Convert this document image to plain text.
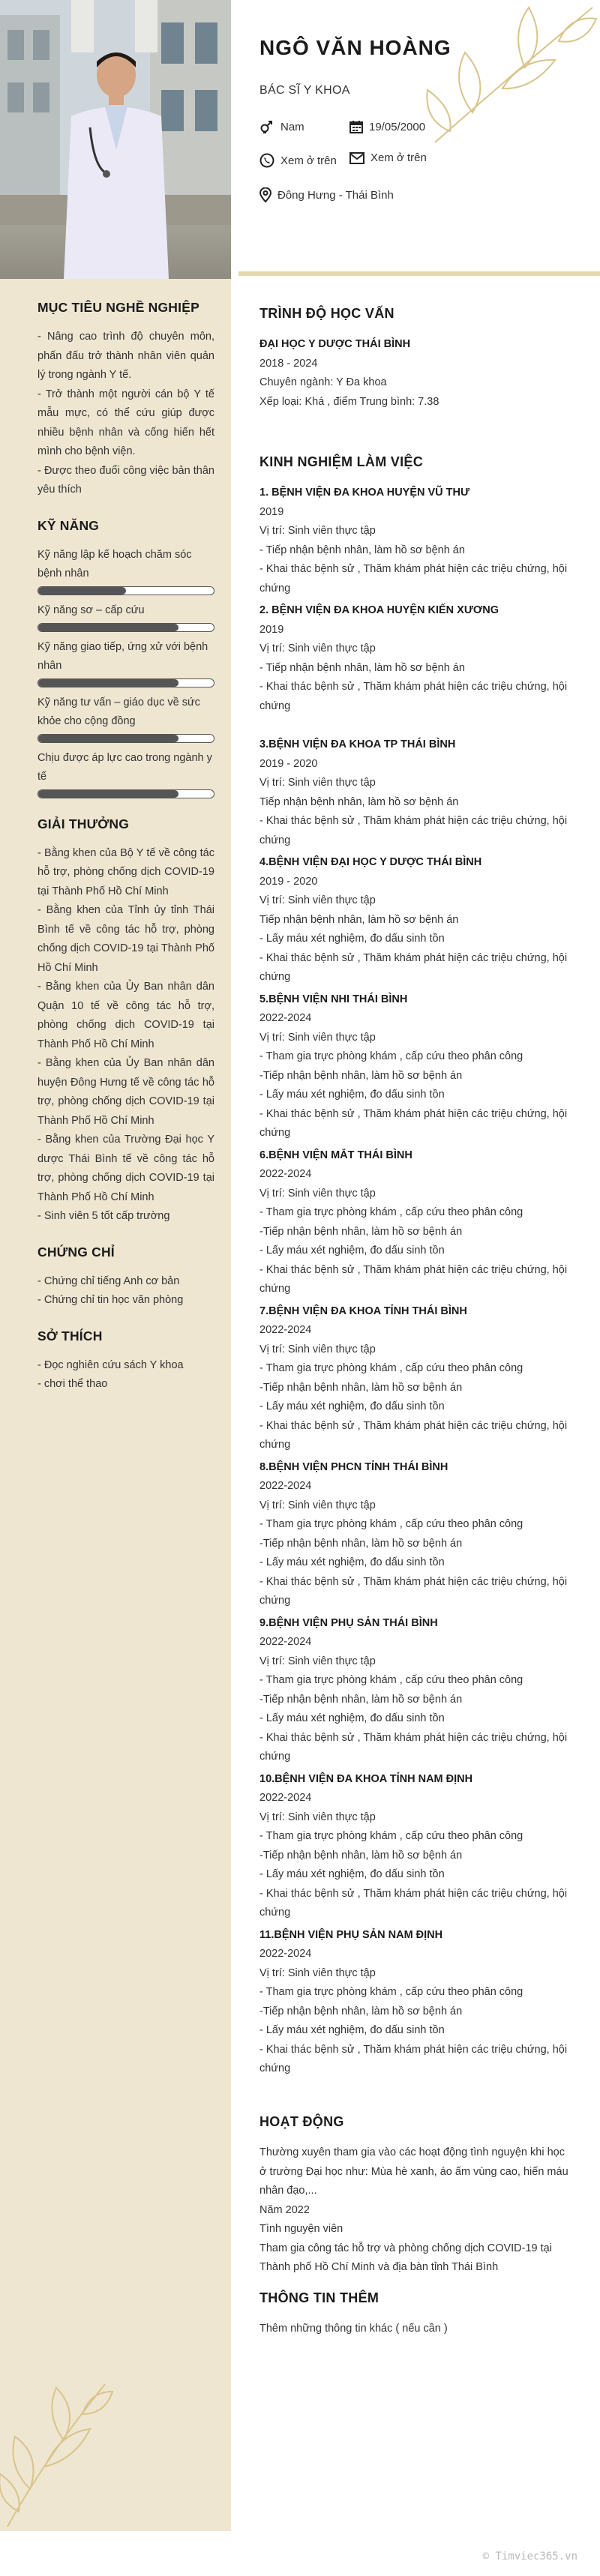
MỤC TIÊU NGHỀ NGHIỆP
- Nâng cao trình độ chuyên môn, phấn đấu trở thành nhân viên quản lý trong ngành Y tế.
- Trở thành một người cán bộ Y tế mẫu mực, có thể cứu giúp được nhiều bệnh nhân và cống hiến hết mình cho bệnh viện.
- Được theo đuổi công việc bản thân yêu thích
KỸ NĂNG
Kỹ năng lập kế hoạch chăm sóc bệnh nhân
Kỹ năng sơ – cấp cứu
Kỹ năng giao tiếp, ứng xử với bệnh nhân
Kỹ năng tư vấn – giáo dục về sức khỏe cho cộng đồng
Chịu được áp lực cao trong ngành y tế
GIẢI THƯỞNG
- Bằng khen của Bộ Y tế về công tác hỗ trợ, phòng chống dịch COVID-19 tại Thành Phố Hồ Chí Minh
- Bằng khen của Tỉnh ủy tỉnh Thái Bình tế về công tác hỗ trợ, phòng chống dịch COVID-19 tại Thành Phố Hồ Chí Minh
- Bằng khen của Ủy Ban nhân dân Quận 10 tế về công tác hỗ trợ, phòng chống dịch COVID-19 tại Thành Phố Hồ Chí Minh
- Bằng khen của Ủy Ban nhân dân huyện Đông Hưng tế về công tác hỗ trợ, phòng chống dịch COVID-19 tại Thành Phố Hồ Chí Minh
- Bằng khen của Trường Đại học Y dược Thái Bình tế về công tác hỗ trợ, phòng chống dịch COVID-19 tại Thành Phố Hồ Chí Minh
- Sinh viên 5 tốt cấp trường
CHỨNG CHỈ
- Chứng chỉ tiếng Anh cơ bản
- Chứng chỉ tin học văn phòng
SỞ THÍCH
- Đọc nghiên cứu sách Y khoa
- chơi thể thao
NGÔ VĂN HOÀNG
BÁC SĨ Y KHOA
Nam	19/05/2000
Xem ở trên	Xem ở trên
Đông Hưng - Thái Bình
TRÌNH ĐỘ HỌC VẤN
ĐẠI HỌC Y DƯỢC THÁI BÌNH
2018 - 2024
Chuyên ngành: Y Đa khoa
Xếp loại: Khá , điểm Trung bình: 7.38
KINH NGHIỆM LÀM VIỆC
1. BỆNH VIỆN ĐA KHOA HUYỆN VŨ THƯ
2019
Vị trí: Sinh viên thực tập
- Tiếp nhận bệnh nhân, làm hồ sơ bệnh án
- Khai thác bệnh sử , Thăm khám phát hiện các triệu chứng, hội chứng
2. BỆNH VIỆN ĐA KHOA HUYỆN KIẾN XƯƠNG
2019
Vị trí: Sinh viên thực tập
- Tiếp nhận bệnh nhân, làm hồ sơ bệnh án
- Khai thác bệnh sử , Thăm khám phát hiện các triệu chứng, hội chứng
3.BỆNH VIỆN ĐA KHOA TP THÁI BÌNH
2019 - 2020
Vị trí: Sinh viên thực tập
Tiếp nhận bệnh nhân, làm hồ sơ bệnh án
- Khai thác bệnh sử , Thăm khám phát hiện các triệu chứng, hội chứng
4.BỆNH VIỆN ĐẠI HỌC Y DƯỢC THÁI BÌNH
2019 - 2020
Vị trí: Sinh viên thực tập
Tiếp nhận bệnh nhân, làm hồ sơ bệnh án
- Lấy máu xét nghiệm, đo dấu sinh tồn
- Khai thác bệnh sử , Thăm khám phát hiện các triệu chứng, hội chứng
5.BỆNH VIỆN NHI THÁI BÌNH
2022-2024
Vị trí: Sinh viên thực tập
- Tham gia trực phòng khám , cấp cứu theo phân công
-Tiếp nhận bệnh nhân, làm hồ sơ bệnh án
- Lấy máu xét nghiệm, đo dấu sinh tồn
- Khai thác bệnh sử , Thăm khám phát hiện các triệu chứng, hội chứng
6.BỆNH VIỆN MẮT THÁI BÌNH
2022-2024
Vị trí: Sinh viên thực tập
- Tham gia trực phòng khám , cấp cứu theo phân công
-Tiếp nhận bệnh nhân, làm hồ sơ bệnh án
- Lấy máu xét nghiệm, đo dấu sinh tồn
- Khai thác bệnh sử , Thăm khám phát hiện các triệu chứng, hội chứng
7.BỆNH VIỆN ĐA KHOA TỈNH THÁI BÌNH
2022-2024
Vị trí: Sinh viên thực tập
- Tham gia trực phòng khám , cấp cứu theo phân công
-Tiếp nhận bệnh nhân, làm hồ sơ bệnh án
- Lấy máu xét nghiệm, đo dấu sinh tồn
- Khai thác bệnh sử , Thăm khám phát hiện các triệu chứng, hội chứng
8.BỆNH VIỆN PHCN TỈNH THÁI BÌNH
2022-2024
Vị trí: Sinh viên thực tập
- Tham gia trực phòng khám , cấp cứu theo phân công
-Tiếp nhận bệnh nhân, làm hồ sơ bệnh án
- Lấy máu xét nghiệm, đo dấu sinh tồn
- Khai thác bệnh sử , Thăm khám phát hiện các triệu chứng, hội chứng
9.BỆNH VIỆN PHỤ SẢN THÁI BÌNH
2022-2024
Vị trí: Sinh viên thực tập
- Tham gia trực phòng khám , cấp cứu theo phân công
-Tiếp nhận bệnh nhân, làm hồ sơ bệnh án
- Lấy máu xét nghiệm, đo dấu sinh tồn
- Khai thác bệnh sử , Thăm khám phát hiện các triệu chứng, hội chứng
10.BỆNH VIỆN ĐA KHOA TỈNH NAM ĐỊNH
2022-2024
Vị trí: Sinh viên thực tập
- Tham gia trực phòng khám , cấp cứu theo phân công
-Tiếp nhận bệnh nhân, làm hồ sơ bệnh án
- Lấy máu xét nghiệm, đo dấu sinh tồn
- Khai thác bệnh sử , Thăm khám phát hiện các triệu chứng, hội chứng
11.BỆNH VIỆN PHỤ SẢN NAM ĐỊNH
2022-2024
Vị trí: Sinh viên thực tập
- Tham gia trực phòng khám , cấp cứu theo phân công
-Tiếp nhận bệnh nhân, làm hồ sơ bệnh án
- Lấy máu xét nghiệm, đo dấu sinh tồn
- Khai thác bệnh sử , Thăm khám phát hiện các triệu chứng, hội chứng
HOẠT ĐỘNG
Thường xuyên tham gia vào các hoạt động tình nguyện khi học ở trường Đại học như: Mùa hè xanh, áo ấm vùng cao, hiến máu nhân đạo,...
Năm 2022
Tình nguyện viên
Tham gia công tác hỗ trợ và phòng chống dịch COVID-19 tại Thành phố Hồ Chí Minh và địa bàn tỉnh Thái Bình
THÔNG TIN THÊM
Thêm những thông tin khác ( nếu cần )
© Timviec365.vn
